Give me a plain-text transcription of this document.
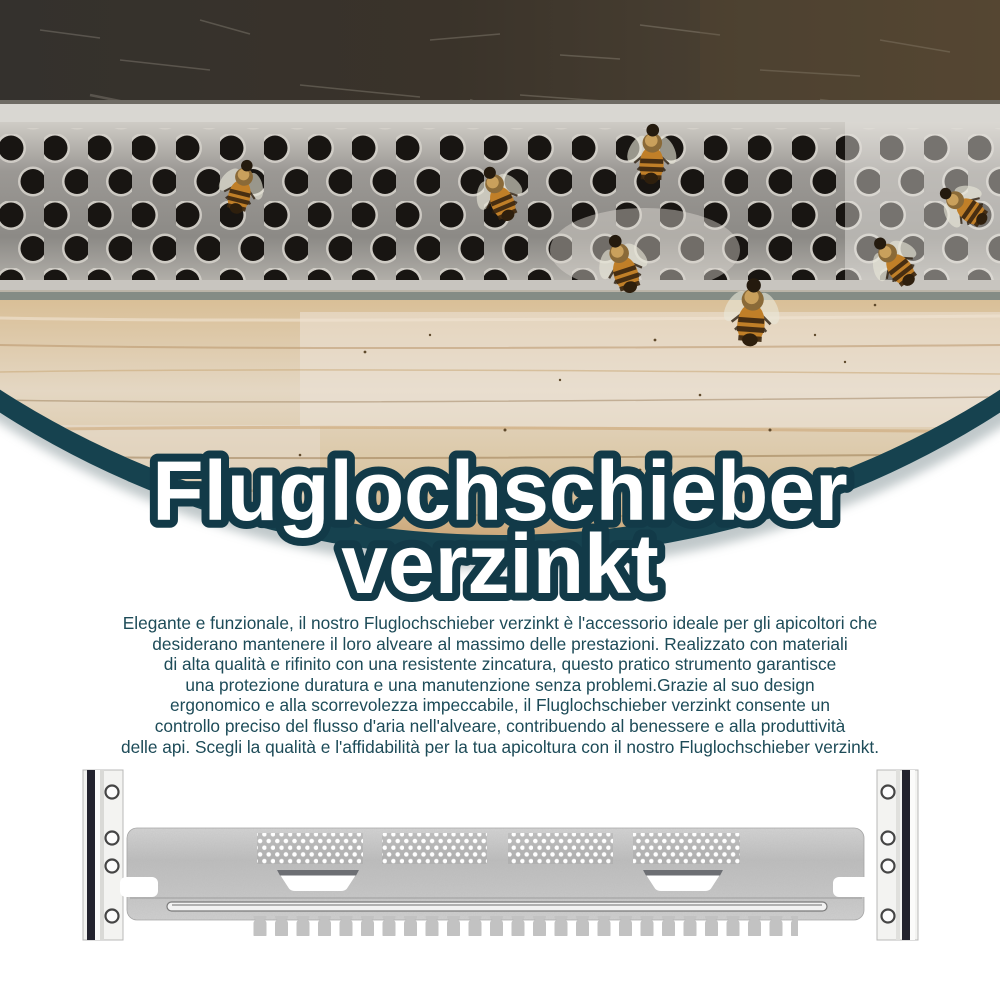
Fluglochschieber
verzinkt
Elegante e funzionale, il nostro Fluglochschieber verzinkt è l'accessorio ideale per gli apicoltori che
desiderano mantenere il loro alveare al massimo delle prestazioni. Realizzato con materiali
di alta qualità e rifinito con una resistente zincatura, questo pratico strumento garantisce
una protezione duratura e una manutenzione senza problemi.Grazie al suo design
ergonomico e alla scorrevolezza impeccabile, il Fluglochschieber verzinkt consente un
controllo preciso del flusso d'aria nell'alveare, contribuendo al benessere e alla produttività
delle api. Scegli la qualità e l'affidabilità per la tua apicoltura con il nostro Fluglochschieber verzinkt.
